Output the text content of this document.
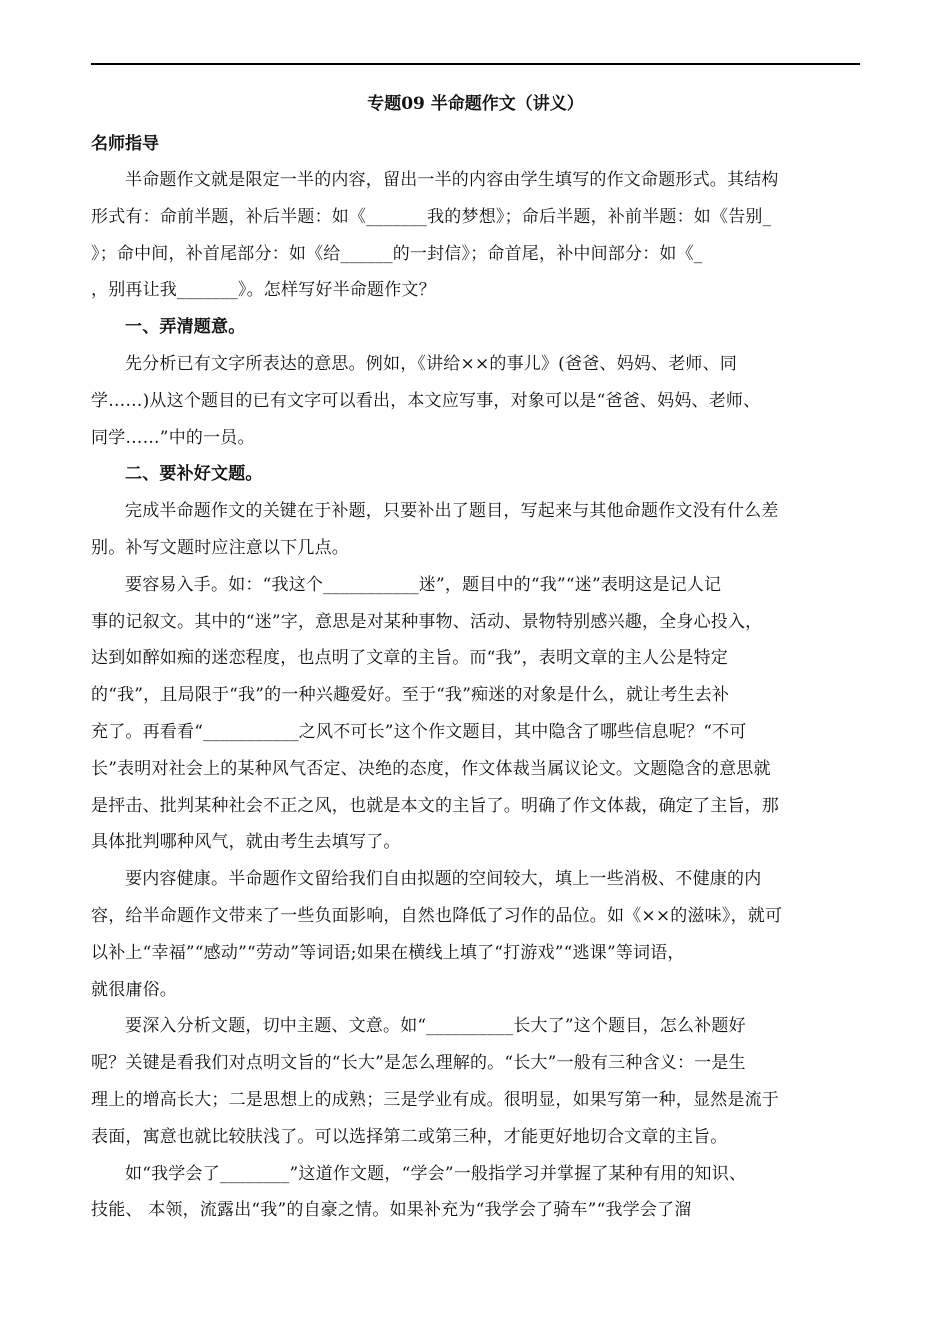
专题09 半命题作文（讲义）
名师指导

半命题作文就是限定一半的内容，留出一半的内容由学生填写的作文命题形式。其结构
形式有：命前半题，补后半题：如《_______我的梦想》；命后半题，补前半题：如《告别_
》；命中间，补首尾部分：如《给______的一封信》；命首尾，补中间部分：如《_
，别再让我_______》。怎样写好半命题作文？

一、弄清题意。

先分析已有文字所表达的意思。例如，《讲给××的事儿》(爸爸、妈妈、老师、同
学……)从这个题目的已有文字可以看出，本文应写事，对象可以是“爸爸、妈妈、老师、
同学……”中的一员。

二、要补好文题。

完成半命题作文的关键在于补题，只要补出了题目，写起来与其他命题作文没有什么差
别。补写文题时应注意以下几点。

要容易入手。如：“我这个___________迷”，题目中的“我”“迷”表明这是记人记
事的记叙文。其中的“迷”字，意思是对某种事物、活动、景物特别感兴趣，全身心投入，
达到如醉如痴的迷恋程度，也点明了文章的主旨。而“我”，表明文章的主人公是特定
的“我”，且局限于“我”的一种兴趣爱好。至于“我”痴迷的对象是什么，就让考生去补
充了。再看看“___________之风不可长”这个作文题目，其中隐含了哪些信息呢？“不可
长”表明对社会上的某种风气否定、决绝的态度，作文体裁当属议论文。文题隐含的意思就
是抨击、批判某种社会不正之风，也就是本文的主旨了。明确了作文体裁，确定了主旨，那
具体批判哪种风气，就由考生去填写了。

要内容健康。半命题作文留给我们自由拟题的空间较大，填上一些消极、不健康的内
容，给半命题作文带来了一些负面影响，自然也降低了习作的品位。如《××的滋味》，就可
以补上“幸福”“感动”“劳动”等词语;如果在横线上填了“打游戏”“逃课”等词语，
就很庸俗。

要深入分析文题，切中主题、文意。如“__________长大了”这个题目，怎么补题好
呢？关键是看我们对点明文旨的“长大”是怎么理解的。“长大”一般有三种含义：一是生
理上的增高长大；二是思想上的成熟；三是学业有成。很明显，如果写第一种，显然是流于
表面，寓意也就比较肤浅了。可以选择第二或第三种，才能更好地切合文章的主旨。

如“我学会了________”这道作文题，“学会”一般指学习并掌握了某种有用的知识、
技能、 本领，流露出“我”的自豪之情。如果补充为“我学会了骑车”“我学会了溜
